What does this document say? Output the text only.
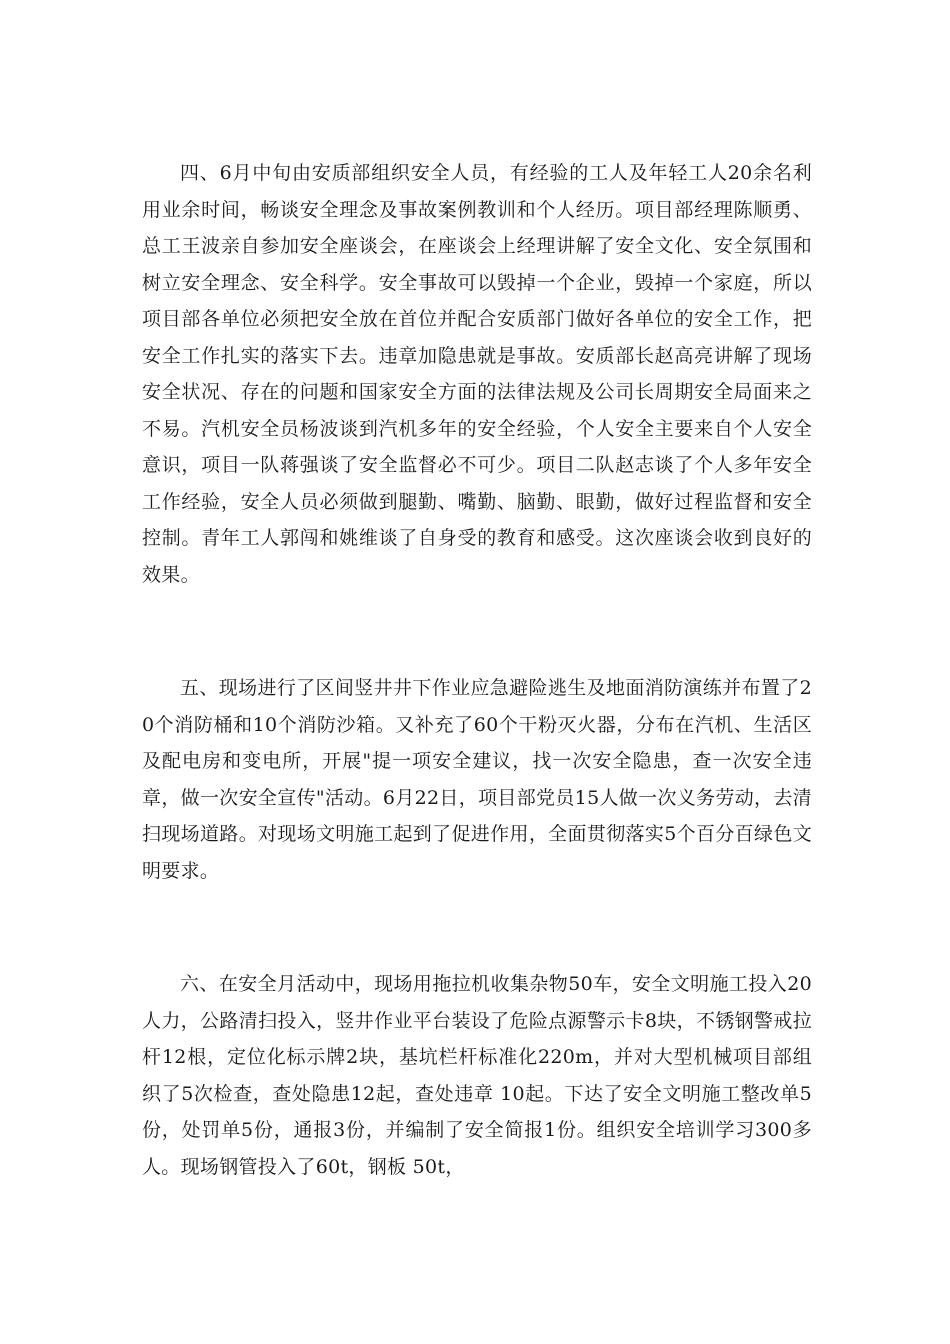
四、6月中旬由安质部组织安全人员，有经验的工人及年轻工人20余名利用业余时间，畅谈安全理念及事故案例教训和个人经历。项目部经理陈顺勇、总工王波亲自参加安全座谈会，在座谈会上经理讲解了安全文化、安全氛围和树立安全理念、安全科学。安全事故可以毁掉一个企业，毁掉一个家庭，所以项目部各单位必须把安全放在首位并配合安质部门做好各单位的安全工作，把安全工作扎实的落实下去。违章加隐患就是事故。安质部长赵高亮讲解了现场安全状况、存在的问题和国家安全方面的法律法规及公司长周期安全局面来之不易。汽机安全员杨波谈到汽机多年的安全经验，个人安全主要来自个人安全意识，项目一队蒋强谈了安全监督必不可少。项目二队赵志谈了个人多年安全工作经验，安全人员必须做到腿勤、嘴勤、脑勤、眼勤，做好过程监督和安全控制。青年工人郭闯和姚维谈了自身受的教育和感受。这次座谈会收到良好的效果。

五、现场进行了区间竖井井下作业应急避险逃生及地面消防演练并布置了20个消防桶和10个消防沙箱。又补充了60个干粉灭火器，分布在汽机、生活区及配电房和变电所，开展"提一项安全建议，找一次安全隐患，查一次安全违章，做一次安全宣传"活动。6月22日，项目部党员15人做一次义务劳动，去清扫现场道路。对现场文明施工起到了促进作用，全面贯彻落实5个百分百绿色文明要求。

六、在安全月活动中，现场用拖拉机收集杂物50车，安全文明施工投入20人力，公路清扫投入，竖井作业平台装设了危险点源警示卡8块，不锈钢警戒拉杆12根，定位化标示牌2块，基坑栏杆标准化220m，并对大型机械项目部组织了5次检查，查处隐患12起，查处违章 10起。下达了安全文明施工整改单5份，处罚单5份，通报3份，并编制了安全简报1份。组织安全培训学习300多人。现场钢管投入了60t，钢板 50t，
